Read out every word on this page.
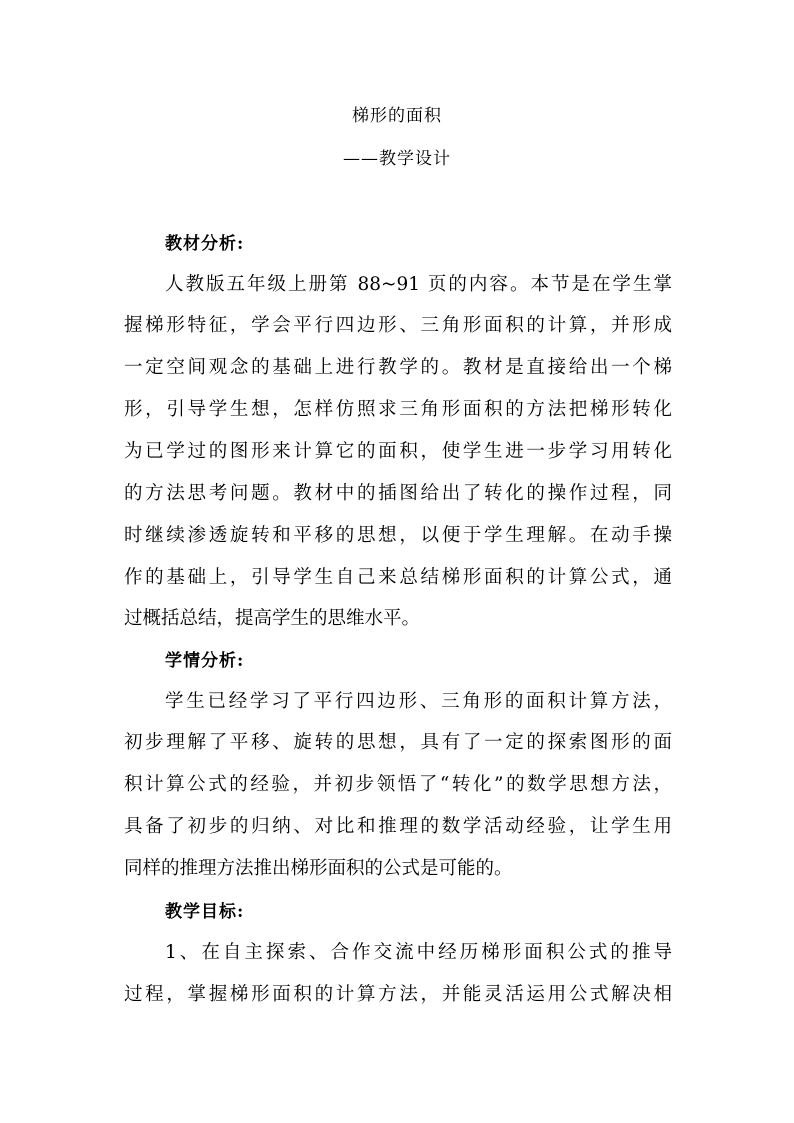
梯形的面积
——教学设计
教材分析:
人教版五年级上册第 88~91 页的内容。本节是在学生掌
握梯形特征，学会平行四边形、三角形面积的计算，并形成
一定空间观念的基础上进行教学的。教材是直接给出一个梯
形，引导学生想，怎样仿照求三角形面积的方法把梯形转化
为已学过的图形来计算它的面积，使学生进一步学习用转化
的方法思考问题。教材中的插图给出了转化的操作过程，同
时继续渗透旋转和平移的思想，以便于学生理解。在动手操
作的基础上，引导学生自己来总结梯形面积的计算公式，通
过概括总结，提高学生的思维水平。
学情分析:
学生已经学习了平行四边形、三角形的面积计算方法，
初步理解了平移、旋转的思想，具有了一定的探索图形的面
积计算公式的经验，并初步领悟了“转化”的数学思想方法，
具备了初步的归纳、对比和推理的数学活动经验，让学生用
同样的推理方法推出梯形面积的公式是可能的。
教学目标:
1、在自主探索、合作交流中经历梯形面积公式的推导
过程，掌握梯形面积的计算方法，并能灵活运用公式解决相
